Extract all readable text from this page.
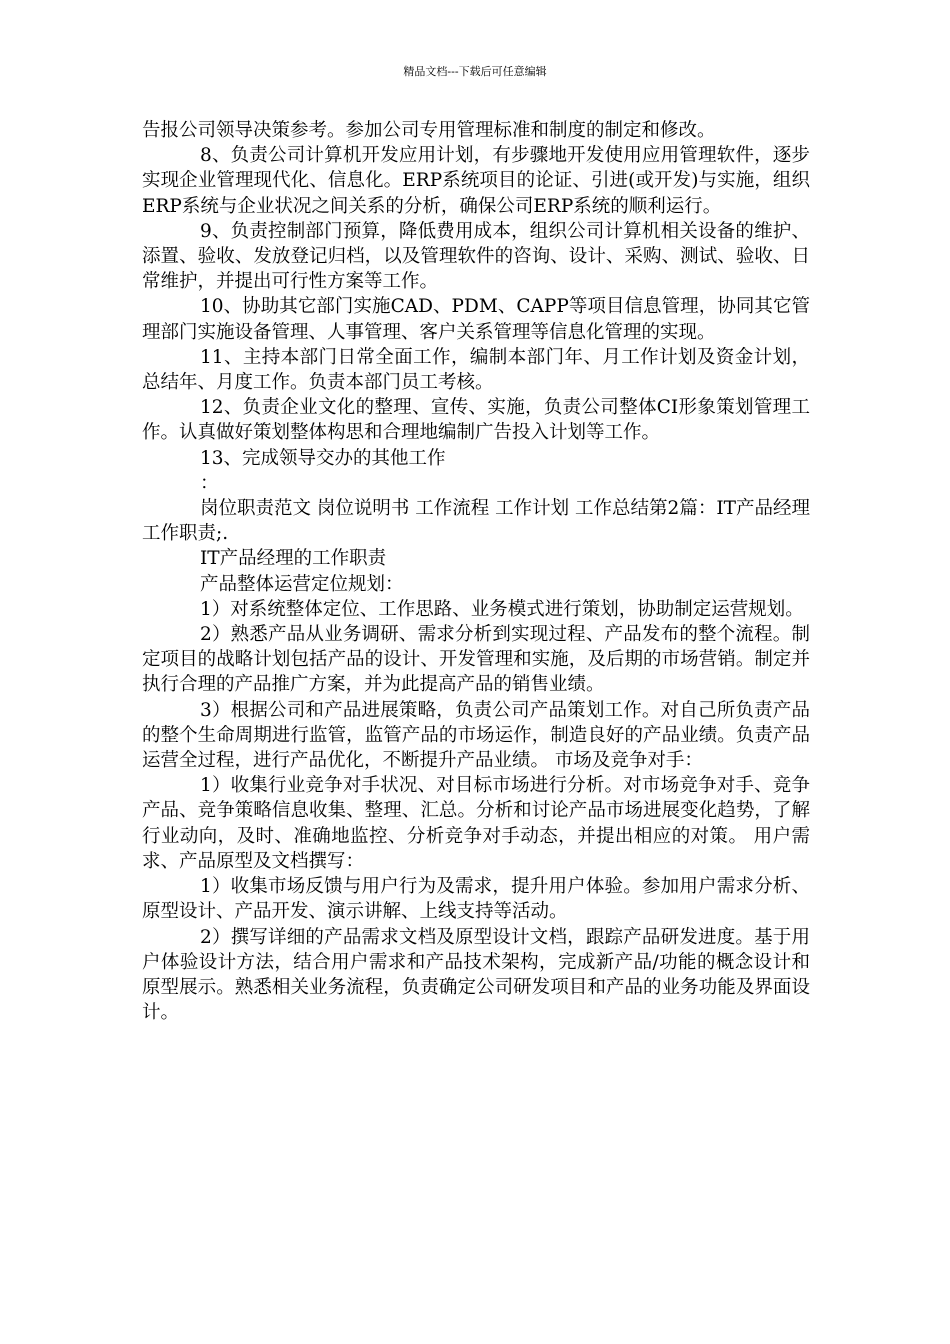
精品文档---下载后可任意编辑

告报公司领导决策参考。参加公司专用管理标准和制度的制定和修改。

8、负责公司计算机开发应用计划，有步骤地开发使用应用管理软件，逐步实现企业管理现代化、信息化。ERP系统项目的论证、引进(或开发)与实施，组织ERP系统与企业状况之间关系的分析，确保公司ERP系统的顺利运行。

9、负责控制部门预算，降低费用成本，组织公司计算机相关设备的维护、添置、验收、发放登记归档，以及管理软件的咨询、设计、采购、测试、验收、日常维护，并提出可行性方案等工作。

10、协助其它部门实施CAD、PDM、CAPP等项目信息管理，协同其它管理部门实施设备管理、人事管理、客户关系管理等信息化管理的实现。

11、主持本部门日常全面工作，编制本部门年、月工作计划及资金计划，总结年、月度工作。负责本部门员工考核。

12、负责企业文化的整理、宣传、实施，负责公司整体CI形象策划管理工作。认真做好策划整体构思和合理地编制广告投入计划等工作。

13、完成领导交办的其他工作

：

岗位职责范文 岗位说明书 工作流程 工作计划 工作总结第2篇：IT产品经理工作职责;.

IT产品经理的工作职责

产品整体运营定位规划：

1）对系统整体定位、工作思路、业务模式进行策划，协助制定运营规划。

2）熟悉产品从业务调研、需求分析到实现过程、产品发布的整个流程。制定项目的战略计划包括产品的设计、开发管理和实施，及后期的市场营销。制定并执行合理的产品推广方案，并为此提高产品的销售业绩。

3）根据公司和产品进展策略，负责公司产品策划工作。对自己所负责产品的整个生命周期进行监管，监管产品的市场运作，制造良好的产品业绩。负责产品运营全过程，进行产品优化，不断提升产品业绩。 市场及竞争对手：

1）收集行业竞争对手状况、对目标市场进行分析。对市场竞争对手、竞争产品、竞争策略信息收集、整理、汇总。分析和讨论产品市场进展变化趋势，了解行业动向，及时、准确地监控、分析竞争对手动态，并提出相应的对策。 用户需求、产品原型及文档撰写：

1）收集市场反馈与用户行为及需求，提升用户体验。参加用户需求分析、原型设计、产品开发、演示讲解、上线支持等活动。

2）撰写详细的产品需求文档及原型设计文档，跟踪产品研发进度。基于用户体验设计方法，结合用户需求和产品技术架构，完成新产品/功能的概念设计和原型展示。熟悉相关业务流程，负责确定公司研发项目和产品的业务功能及界面设计。
